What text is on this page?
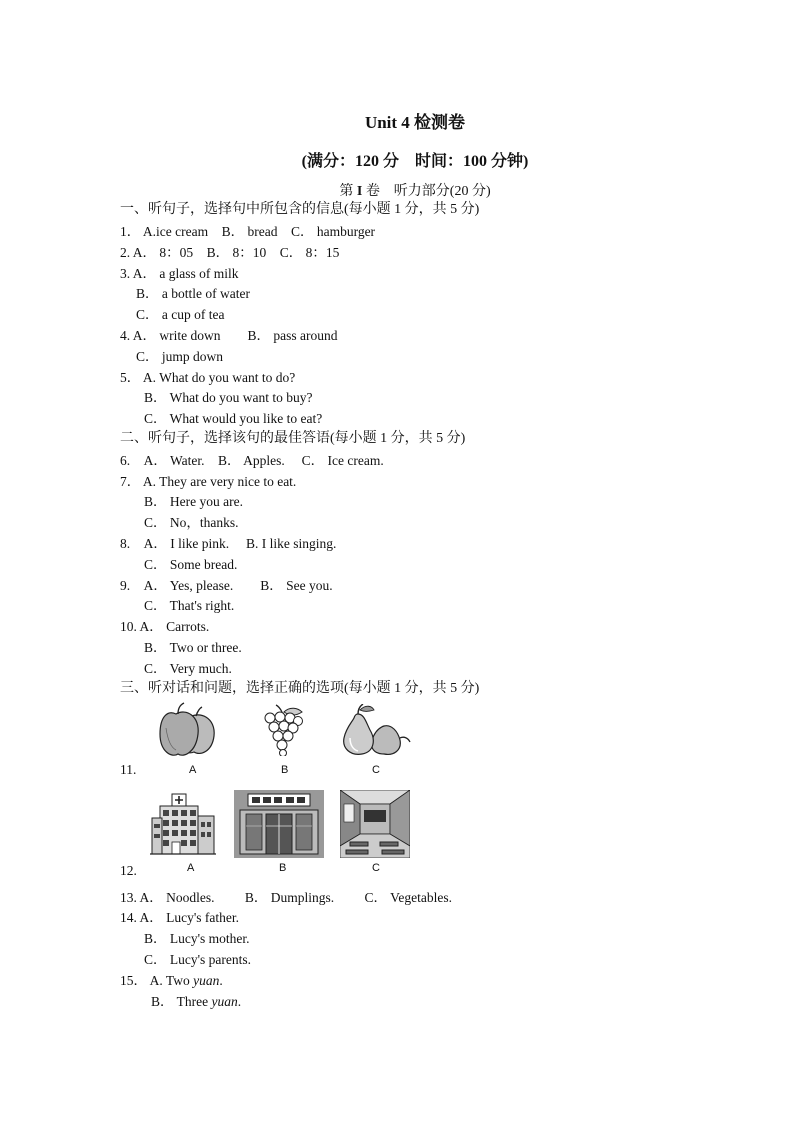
Unit 4 检测卷
(满分：120 分　时间：100 分钟)
第 I 卷　听力部分(20 分)
一、听句子，选择句中所包含的信息(每小题 1 分，共 5 分)
1． A.ice cream　B． bread　C． hamburger
2. A． 8：05　B． 8：10　C． 8：15
3. A． a glass of milk
B． a bottle of water
C． a cup of tea
4. A． write down　　B． pass around
C． jump down
5． A. What do you want to do?
B． What do you want to buy?
C． What would you like to eat?
二、听句子，选择该句的最佳答语(每小题 1 分，共 5 分)
6.　A． Water.　B． Apples.　 C． Ice cream.
7． A. They are very nice to eat.
B． Here you are.
C． No，thanks.
8.　A． I like pink.　 B. I like singing.
C． Some bread.
9.　A． Yes, please.　　B． See you.
C． That's right.
10. A． Carrots.
B． Two or three.
C． Very much.
三、听对话和问题，选择正确的选项(每小题 1 分，共 5 分)
11.	A	B	C
12.	A	B	C
13. A． Noodles.　　 B． Dumplings.　　 C． Vegetables.
14. A． Lucy's father.
B． Lucy's mother.
C． Lucy's parents.
15． A. Two yuan.
B． Three yuan.
